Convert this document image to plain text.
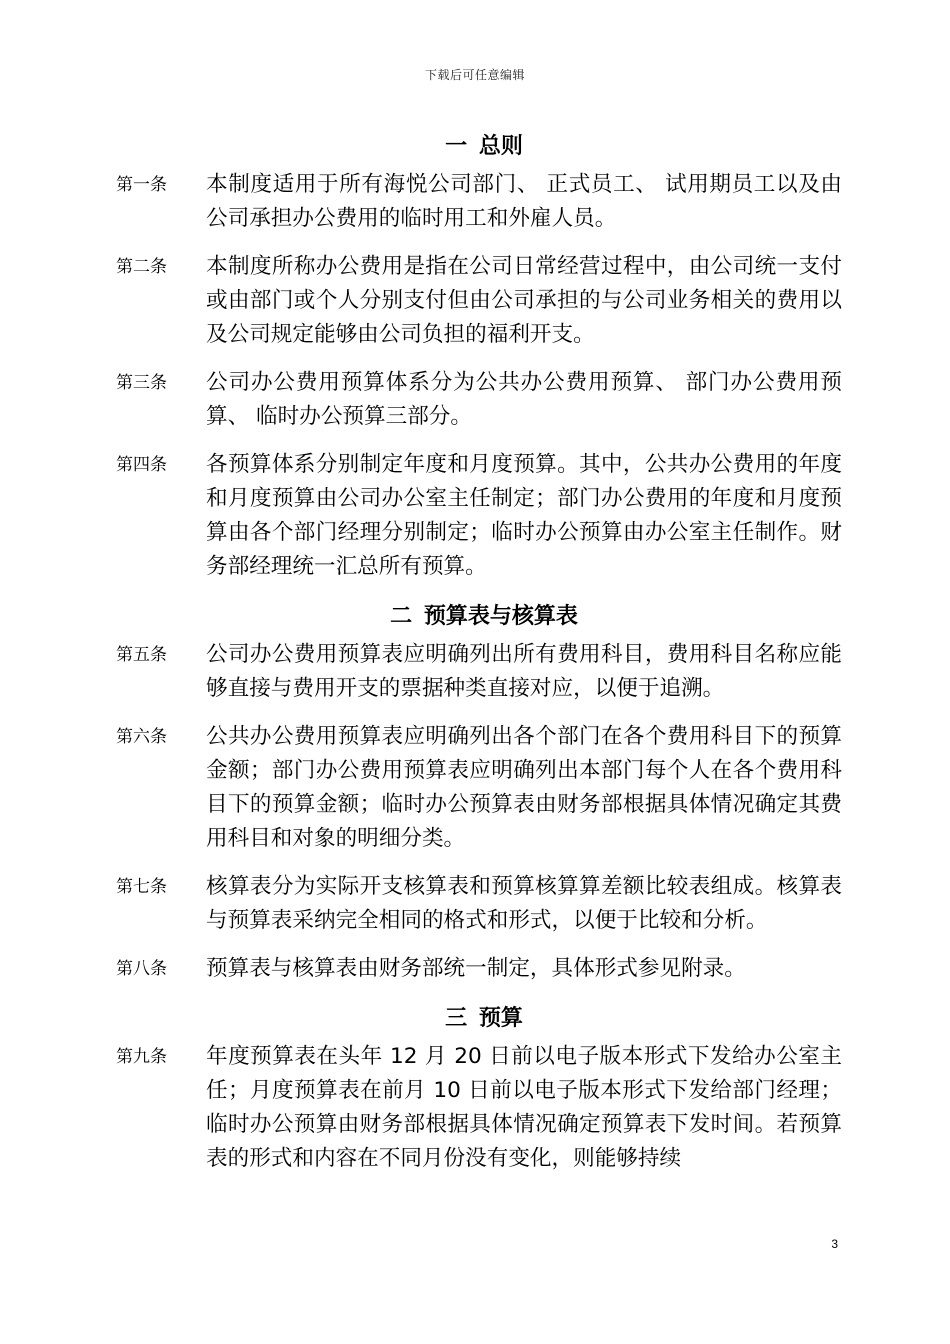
下载后可任意编辑
一 总则
第一条	本制度适用于所有海悦公司部门、 正式员工、 试用期员工以及由公司承担办公费用的临时用工和外雇人员。
第二条	本制度所称办公费用是指在公司日常经营过程中，由公司统一支付或由部门或个人分别支付但由公司承担的与公司业务相关的费用以及公司规定能够由公司负担的福利开支。
第三条	公司办公费用预算体系分为公共办公费用预算、 部门办公费用预算、 临时办公预算三部分。
第四条	各预算体系分别制定年度和月度预算。其中，公共办公费用的年度和月度预算由公司办公室主任制定；部门办公费用的年度和月度预算由各个部门经理分别制定；临时办公预算由办公室主任制作。财务部经理统一汇总所有预算。
二 预算表与核算表
第五条	公司办公费用预算表应明确列出所有费用科目，费用科目名称应能够直接与费用开支的票据种类直接对应，以便于追溯。
第六条	公共办公费用预算表应明确列出各个部门在各个费用科目下的预算金额；部门办公费用预算表应明确列出本部门每个人在各个费用科目下的预算金额；临时办公预算表由财务部根据具体情况确定其费用科目和对象的明细分类。
第七条	核算表分为实际开支核算表和预算核算算差额比较表组成。核算表与预算表采纳完全相同的格式和形式，以便于比较和分析。
第八条	预算表与核算表由财务部统一制定，具体形式参见附录。
三 预算
第九条	年度预算表在头年 12 月 20 日前以电子版本形式下发给办公室主任；月度预算表在前月 10 日前以电子版本形式下发给部门经理；临时办公预算由财务部根据具体情况确定预算表下发时间。若预算表的形式和内容在不同月份没有变化，则能够持续
3
